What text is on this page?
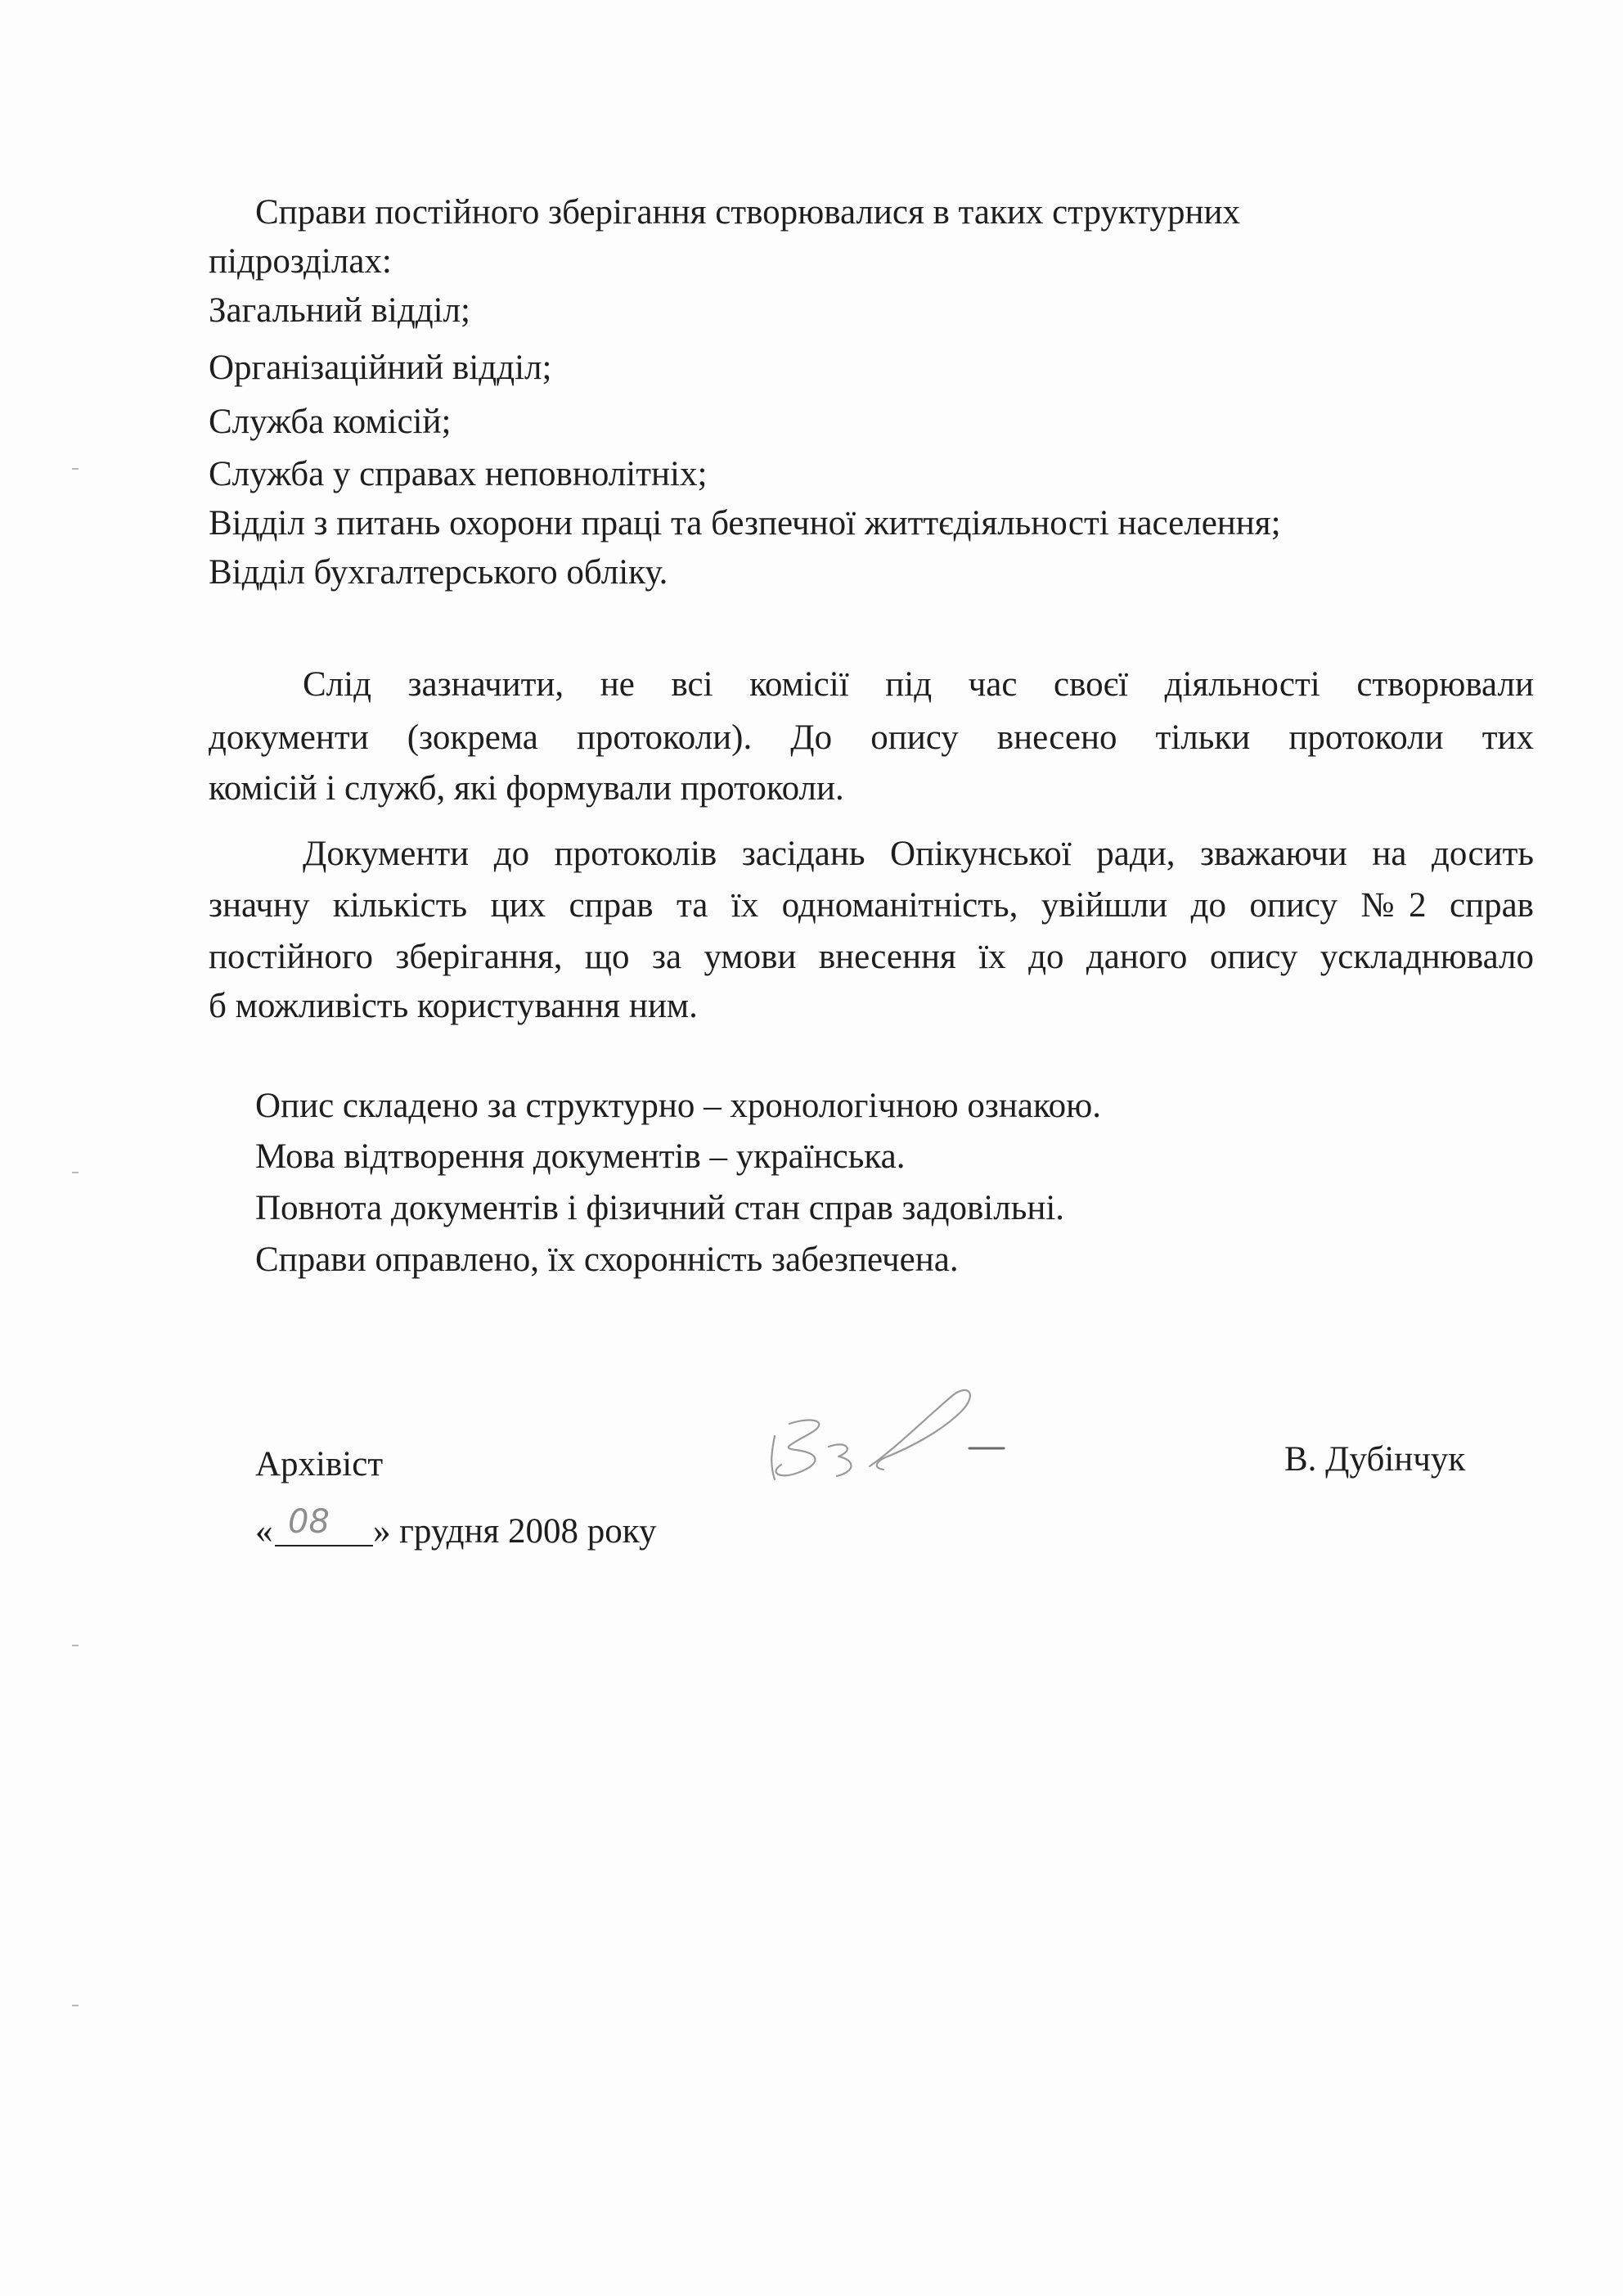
Справи постійного зберігання створювалися в таких структурних
підрозділах:
Загальний відділ;
Організаційний відділ;
Служба комісій;
Служба у справах неповнолітніх;
Відділ з питань охорони праці та безпечної життєдіяльності населення;
Відділ бухгалтерського обліку.
Слід зазначити, не всі комісії під час своєї діяльності створювали
документи (зокрема протоколи). До опису внесено тільки протоколи тих
комісій і служб, які формували протоколи.
Документи до протоколів засідань Опікунської ради, зважаючи на досить
значну кількість цих справ та їх одноманітність, увійшли до опису №2 справ
постійного зберігання, що за умови внесення їх до даного опису ускладнювало
б можливість користування ним.
Опис складено за структурно – хронологічною ознакою.
Мова відтворення документів – українська.
Повнота документів і фізичний стан справ задовільні.
Справи оправлено, їх схоронність забезпечена.
Архівіст	В. Дубінчук
« 08 » грудня 2008 року
